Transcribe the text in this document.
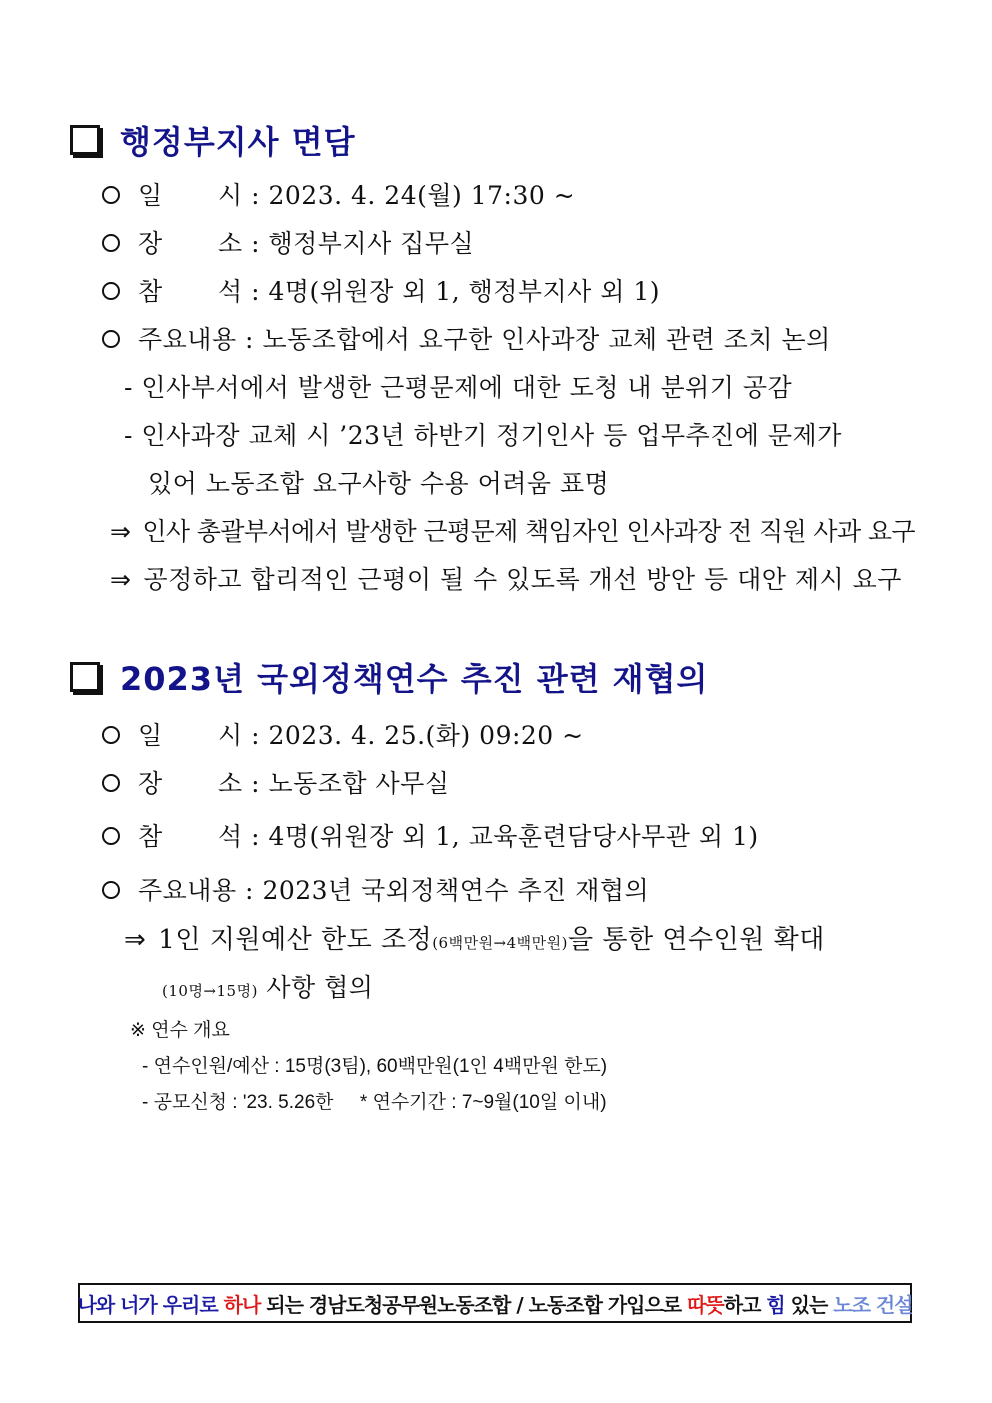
행정부지사 면담
일 시 : 2023. 4. 24(월) 17:30 ~
장 소 : 행정부지사 집무실
참 석 : 4명(위원장 외 1, 행정부지사 외 1)
주요내용 : 노동조합에서 요구한 인사과장 교체 관련 조치 논의
- 인사부서에서 발생한 근평문제에 대한 도청 내 분위기 공감
- 인사과장 교체 시 ’23년 하반기 정기인사 등 업무추진에 문제가
있어 노동조합 요구사항 수용 어려움 표명
⇒ 인사 총괄부서에서 발생한 근평문제 책임자인 인사과장 전 직원 사과 요구
⇒ 공정하고 합리적인 근평이 될 수 있도록 개선 방안 등 대안 제시 요구
2023년 국외정책연수 추진 관련 재협의
일 시 : 2023. 4. 25.(화) 09:20 ~
장 소 : 노동조합 사무실
참 석 : 4명(위원장 외 1, 교육훈련담당사무관 외 1)
주요내용 : 2023년 국외정책연수 추진 재협의
⇒ 1인 지원예산 한도 조정(6백만원→4백만원)을 통한 연수인원 확대
(10명→15명) 사항 협의
※ 연수 개요
- 연수인원/예산 : 15명(3팀), 60백만원(1인 4백만원 한도)
- 공모신청 : '23. 5.26한     * 연수기간 : 7~9월(10일 이내)
나와 너가 우리로
하나
되는 경남도청공무원노동조합 / 노동조합 가입으로
따뜻 하고
힘
있는
노조 건설
